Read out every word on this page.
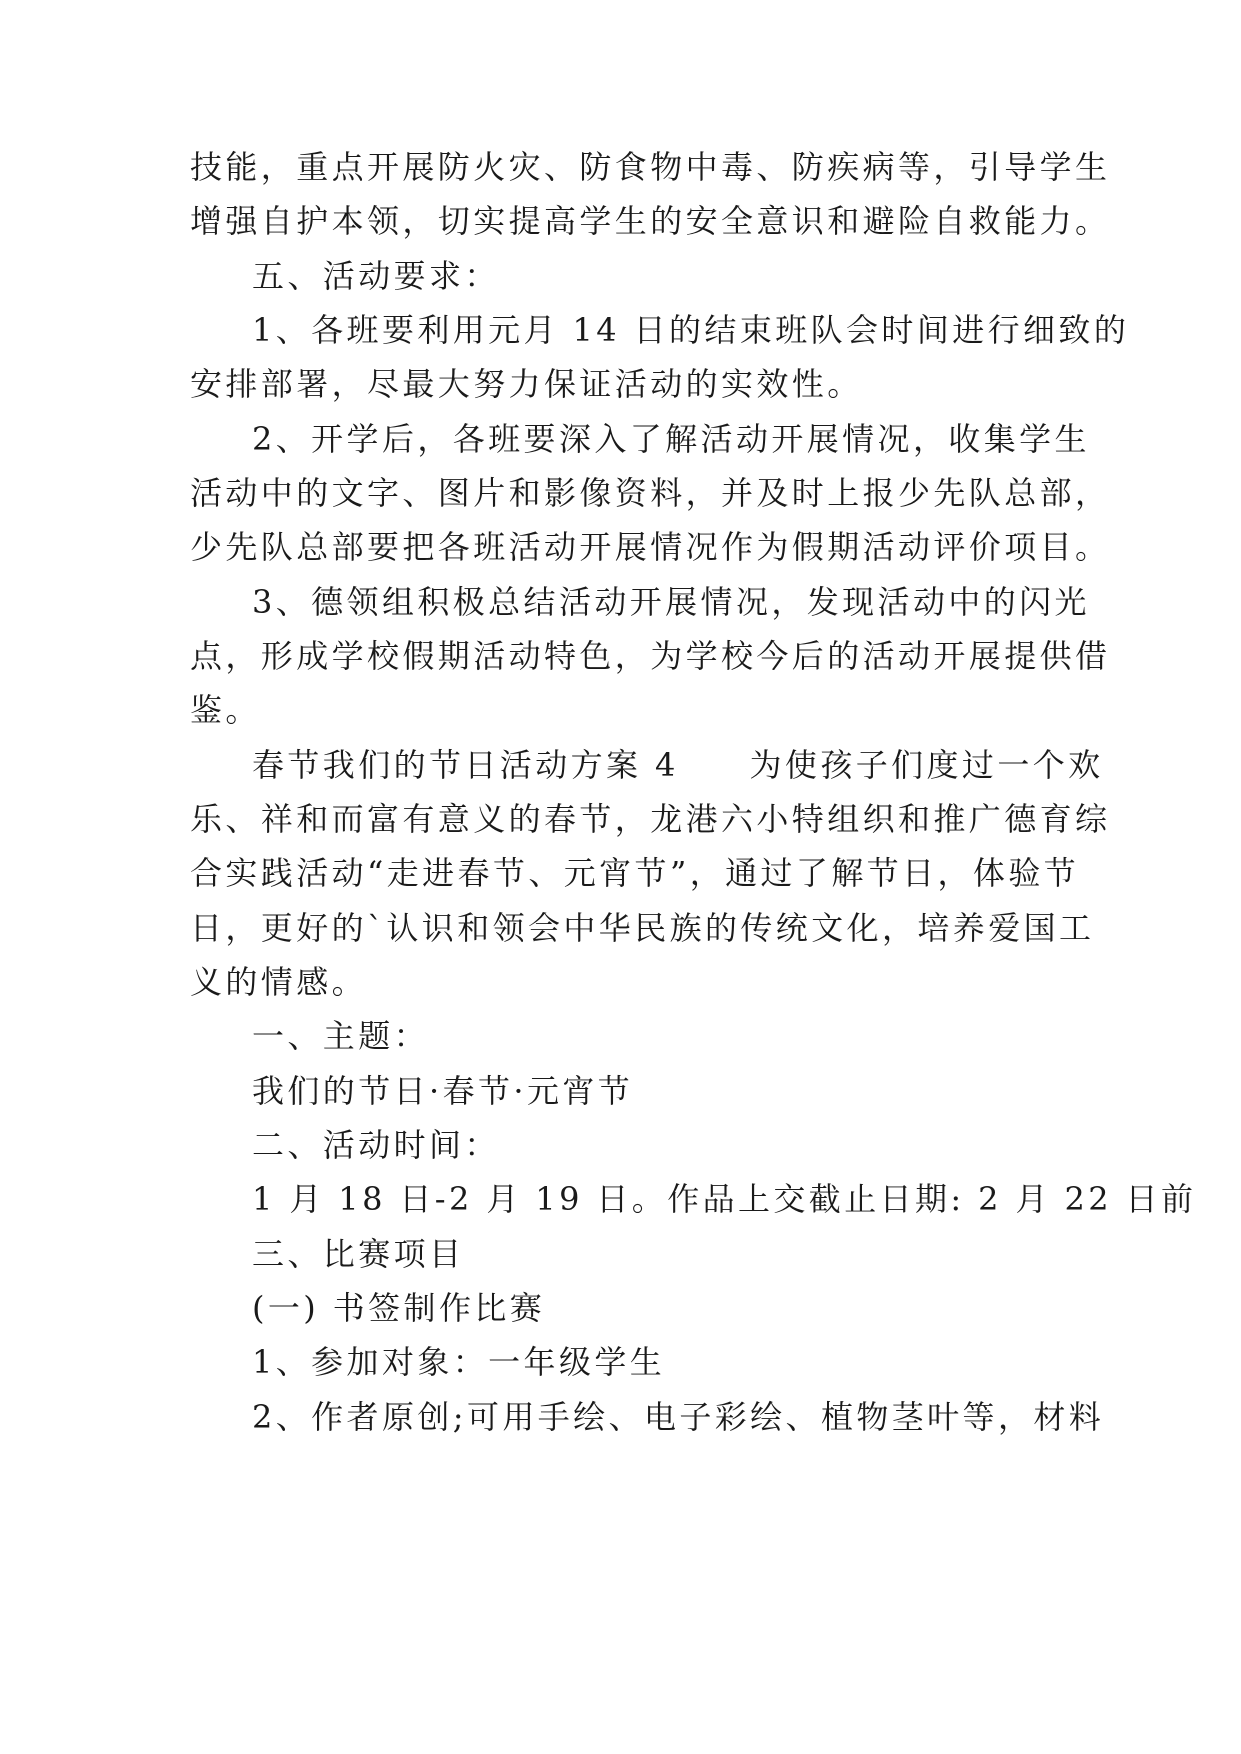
技能，重点开展防火灾、防食物中毒、防疾病等，引导学生

增强自护本领，切实提高学生的安全意识和避险自救能力。

五、活动要求：

1、各班要利用元月 14 日的结束班队会时间进行细致的

安排部署，尽最大努力保证活动的实效性。

2、开学后，各班要深入了解活动开展情况，收集学生

活动中的文字、图片和影像资料，并及时上报少先队总部，

少先队总部要把各班活动开展情况作为假期活动评价项目。

3、德领组积极总结活动开展情况，发现活动中的闪光

点，形成学校假期活动特色，为学校今后的活动开展提供借

鉴。

春节我们的节日活动方案 4　　为使孩子们度过一个欢

乐、祥和而富有意义的春节，龙港六小特组织和推广德育综

合实践活动“走进春节、元宵节”，通过了解节日，体验节

日，更好的`认识和领会中华民族的传统文化，培养爱国工

义的情感。

一、主题：

我们的节日·春节·元宵节

二、活动时间：

1 月 18 日-2 月 19 日。作品上交截止日期: 2 月 22 日前

三、比赛项目

(一) 书签制作比赛

1、参加对象：一年级学生

2、作者原创;可用手绘、电子彩绘、植物茎叶等，材料
